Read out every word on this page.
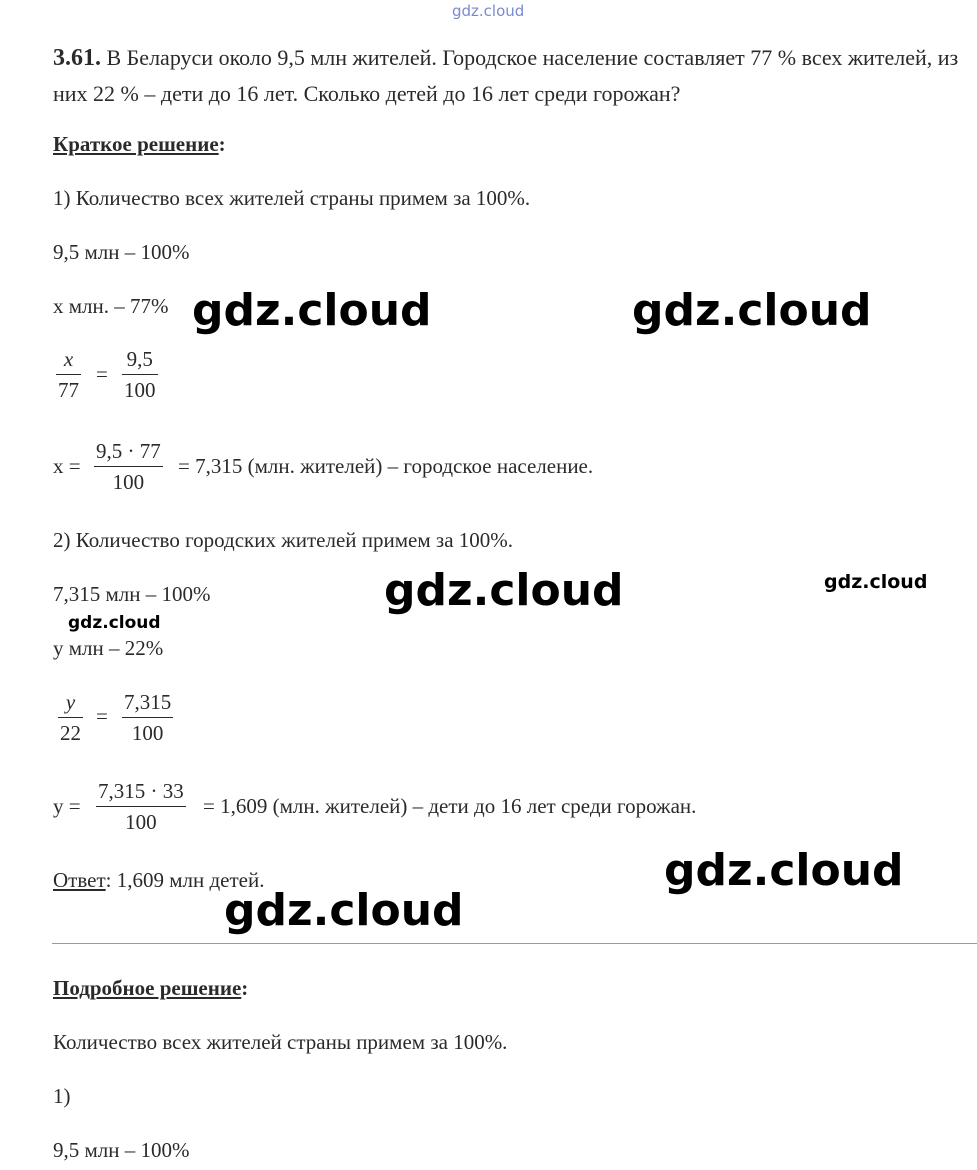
gdz.cloud
3.61. В Беларуси около 9,5 млн жителей. Городское население составляет 77 % всех жителей, из них 22 % – дети до 16 лет. Сколько детей до 16 лет среди горожан?
Краткое решение:
1) Количество всех жителей страны примем за 100%.
9,5 млн – 100%
х млн. – 77%
x
77
=
9,5
100
х =
9,5 · 77
100
= 7,315 (млн. жителей) – городское население.
2) Количество городских жителей примем за 100%.
7,315 млн – 100%
у млн – 22%
y
22
=
7,315
100
у =
7,315 · 33
100
= 1,609 (млн. жителей) – дети до 16 лет среди горожан.
Ответ: 1,609 млн детей.
Подробное решение:
Количество всех жителей страны примем за 100%.
1)
9,5 млн – 100%
gdz.cloud	gdz.cloud
gdz.cloud	gdz.cloud
gdz.cloud
gdz.cloud
gdz.cloud
